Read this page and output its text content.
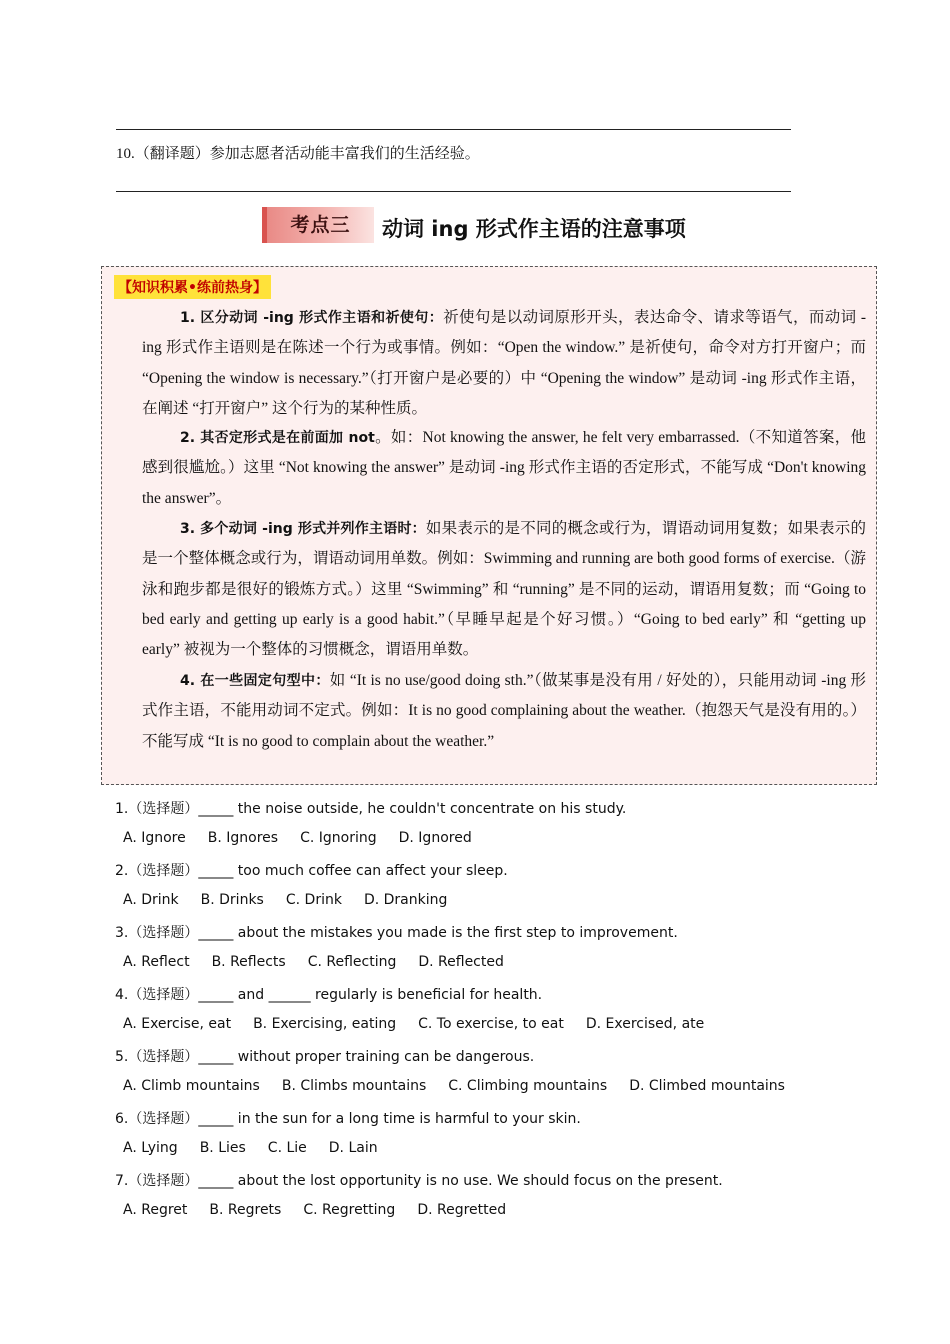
10.（翻译题）参加志愿者活动能丰富我们的生活经验。
考点三	动词 ing 形式作主语的注意事项
【知识积累•练前热身】
1. 区分动词 -ing 形式作主语和祈使句：祈使句是以动词原形开头，表达命令、请求等语气，而动词 -ing 形式作主语则是在陈述一个行为或事情。例如：“Open the window.” 是祈使句，命令对方打开窗户；而 “Opening the window is necessary.”（打开窗户是必要的）中 “Opening the window” 是动词 -ing 形式作主语，在阐述 “打开窗户” 这个行为的某种性质。
2. 其否定形式是在前面加 not。如：Not knowing the answer, he felt very embarrassed.（不知道答案，他感到很尴尬。）这里 “Not knowing the answer” 是动词 -ing 形式作主语的否定形式，不能写成 “Don't knowing the answer”。
3. 多个动词 -ing 形式并列作主语时：如果表示的是不同的概念或行为，谓语动词用复数；如果表示的是一个整体概念或行为，谓语动词用单数。例如：Swimming and running are both good forms of exercise.（游泳和跑步都是很好的锻炼方式。）这里 “Swimming” 和 “running” 是不同的运动，谓语用复数；而 “Going to bed early and getting up early is a good habit.”（早睡早起是个好习惯。）“Going to bed early” 和 “getting up early” 被视为一个整体的习惯概念，谓语用单数。
4. 在一些固定句型中：如 “It is no use/good doing sth.”（做某事是没有用 / 好处的），只能用动词 -ing 形式作主语，不能用动词不定式。例如：It is no good complaining about the weather.（抱怨天气是没有用的。）不能写成 “It is no good to complain about the weather.”
1.（选择题）_____ the noise outside, he couldn't concentrate on his study.
A. Ignore B. Ignores C. Ignoring D. Ignored
2.（选择题）_____ too much coffee can affect your sleep.
A. Drink B. Drinks C. Drink D. Dranking
3.（选择题）_____ about the mistakes you made is the first step to improvement.
A. Reflect B. Reflects C. Reflecting D. Reflected
4.（选择题）_____ and ______ regularly is beneficial for health.
A. Exercise, eat B. Exercising, eating C. To exercise, to eat D. Exercised, ate
5.（选择题）_____ without proper training can be dangerous.
A. Climb mountains B. Climbs mountains C. Climbing mountains D. Climbed mountains
6.（选择题）_____ in the sun for a long time is harmful to your skin.
A. Lying B. Lies C. Lie D. Lain
7.（选择题）_____ about the lost opportunity is no use. We should focus on the present.
A. Regret B. Regrets C. Regretting D. Regretted
